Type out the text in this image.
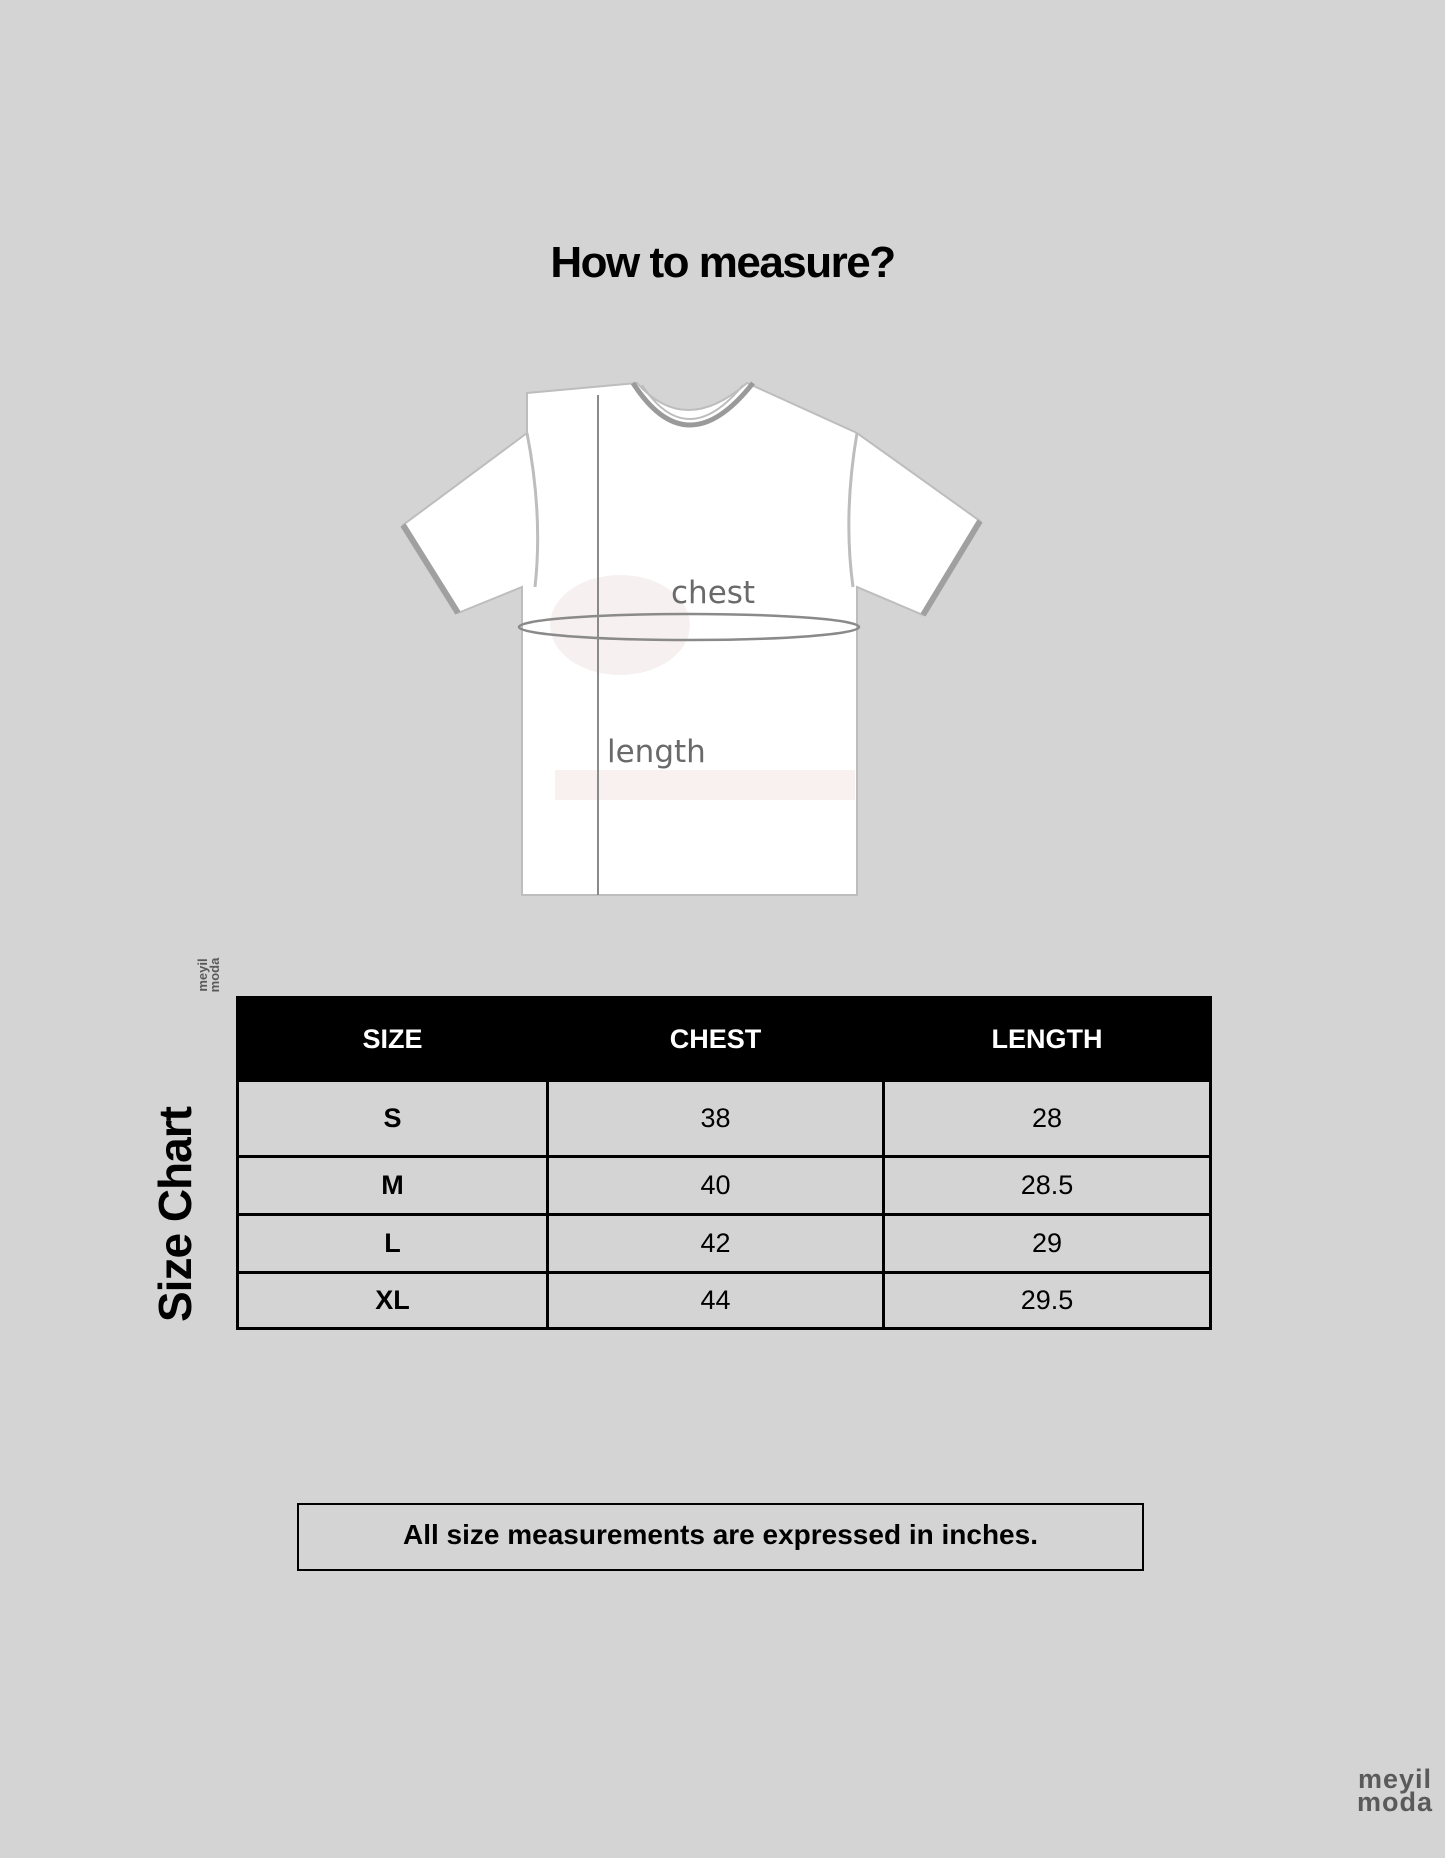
How to measure?
chest
length
meyil
moda
Size Chart
SIZE	CHEST	LENGTH
S	38	28
M	40	28.5
L	42	29
XL	44	29.5
All size measurements are expressed in inches.
meyil
moda
